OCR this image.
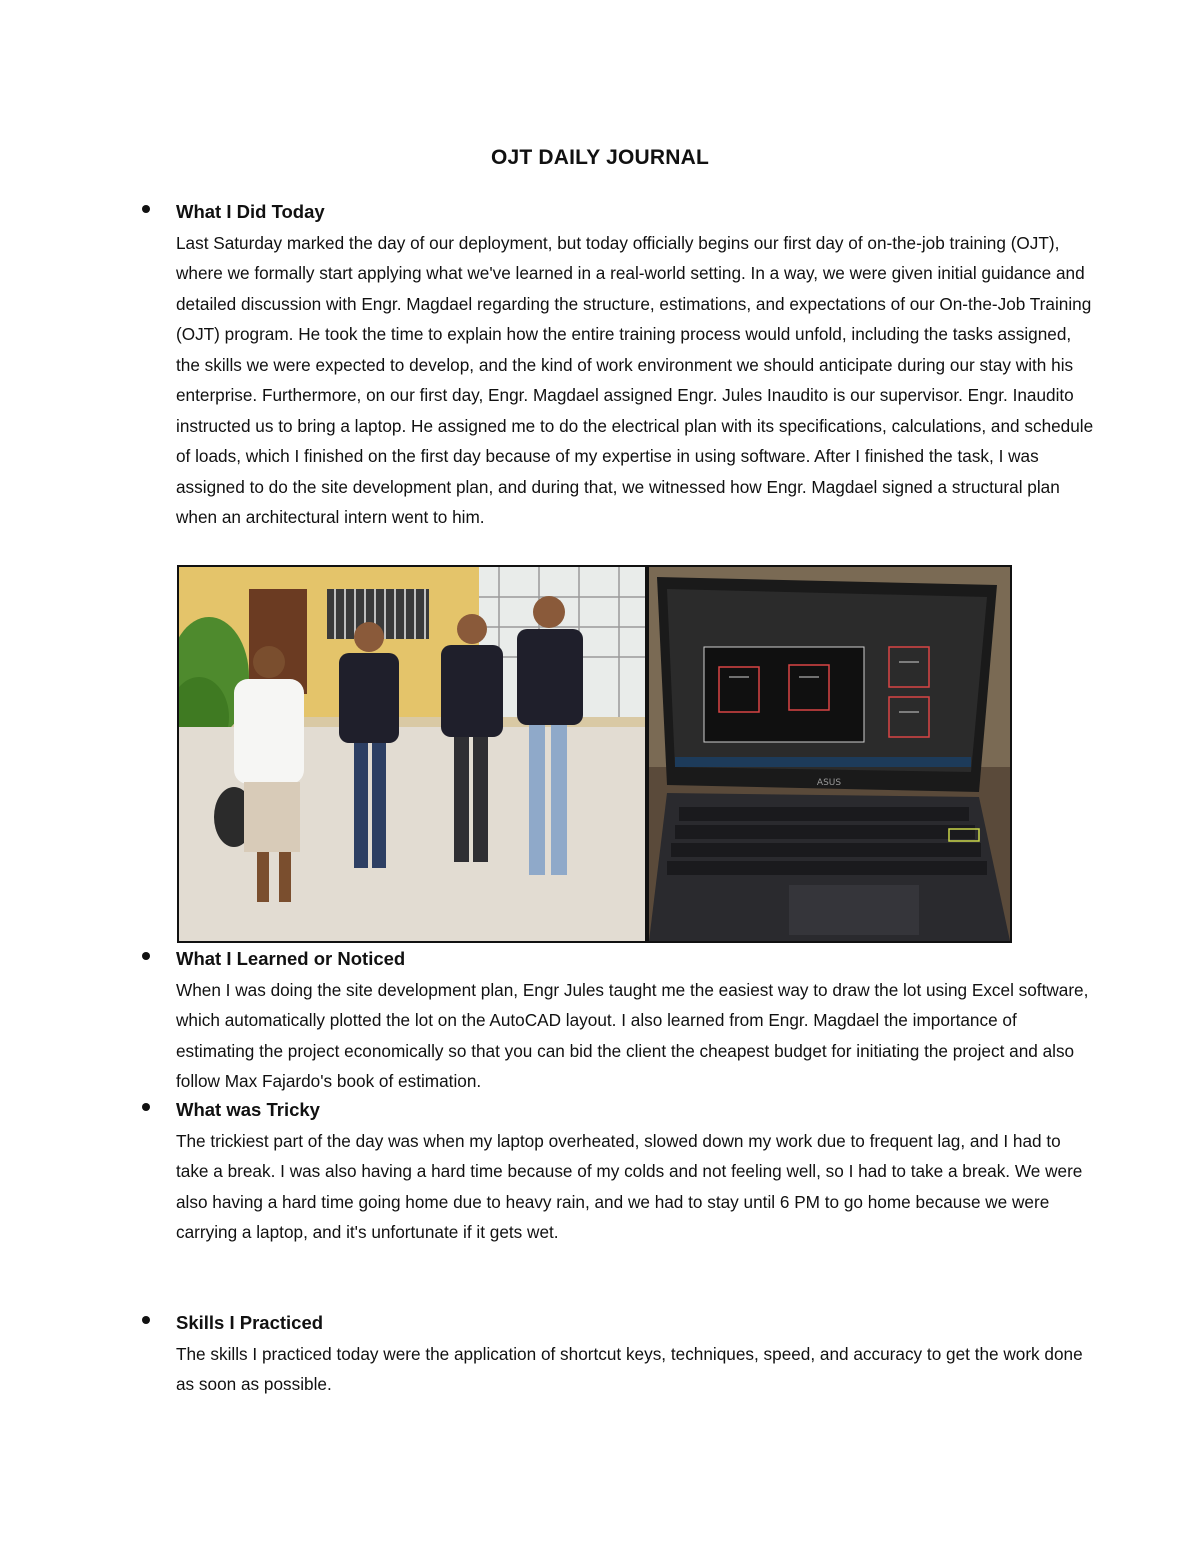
OJT DAILY JOURNAL
What I Did Today

Last Saturday marked the day of our deployment, but today officially begins our first day of on-the-job training (OJT), where we formally start applying what we've learned in a real-world setting. In a way, we were given initial guidance and detailed discussion with Engr. Magdael regarding the structure, estimations, and expectations of our On-the-Job Training (OJT) program. He took the time to explain how the entire training process would unfold, including the tasks assigned, the skills we were expected to develop, and the kind of work environment we should anticipate during our stay with his enterprise. Furthermore, on our first day, Engr. Magdael assigned Engr. Jules Inaudito is our supervisor. Engr. Inaudito instructed us to bring a laptop. He assigned me to do the electrical plan with its specifications, calculations, and schedule of loads, which I finished on the first day because of my expertise in using software. After I finished the task, I was assigned to do the site development plan, and during that, we witnessed how Engr. Magdael signed a structural plan when an architectural intern went to him.

ASUS
What I Learned or Noticed

When I was doing the site development plan, Engr Jules taught me the easiest way to draw the lot using Excel software, which automatically plotted the lot on the AutoCAD layout. I also learned from Engr. Magdael the importance of estimating the project economically so that you can bid the client the cheapest budget for initiating the project and also follow Max Fajardo's book of estimation.

What was Tricky

The trickiest part of the day was when my laptop overheated, slowed down my work due to frequent lag, and I had to take a break. I was also having a hard time because of my colds and not feeling well, so I had to take a break. We were also having a hard time going home due to heavy rain, and we had to stay until 6 PM to go home because we were carrying a laptop, and it's unfortunate if it gets wet.

Skills I Practiced

The skills I practiced today were the application of shortcut keys, techniques, speed, and accuracy to get the work done as soon as possible.
